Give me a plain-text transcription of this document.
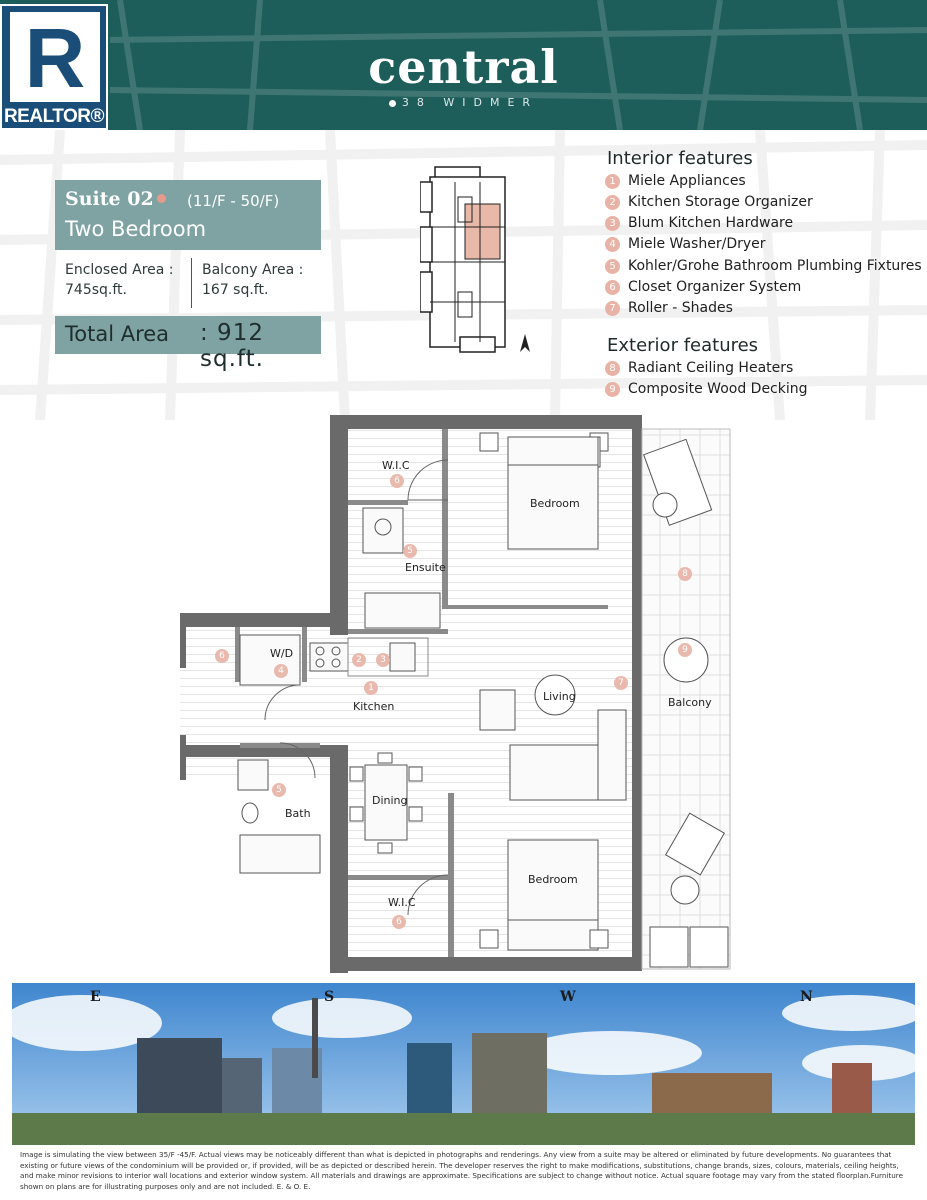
central
38 WIDMER
R
REALTOR®
Suite 02 (11/F - 50/F)
Two Bedroom
Enclosed Area :
745sq.ft.
Balcony Area :
167 sq.ft.
Total Area : 912 sq.ft.
Interior features
1 Miele Appliances
2 Kitchen Storage Organizer
3 Blum Kitchen Hardware
4 Miele Washer/Dryer
5 Kohler/Grohe Bathroom Plumbing Fixtures
6 Closet Organizer System
7 Roller - Shades
Exterior features
8 Radiant Ceiling Heaters
9 Composite Wood Decking
W.I.C
Bedroom
Ensuite
W/D
Kitchen
Living	Balcony
Bath
Dining
Bedroom
W.I.C
6
5
6
4
2	3
1	7
8
9
5
6
E	S	W	N
Image is simulating the view between 35/F -45/F. Actual views may be noticeably different than what is depicted in photographs and renderings. Any view from a suite may be altered or eliminated by future developments. No guarantees that existing or future views of the condominium will be provided or, if provided, will be as depicted or described herein. The developer reserves the right to make modifications, substitutions, change brands, sizes, colours, materials, ceiling heights, and make minor revisions to interior wall locations and exterior window system. All materials and drawings are approximate. Specifications are subject to change without notice. Actual square footage may vary from the stated floorplan.Furniture shown on plans are for illustrating purposes only and are not included. E. & O. E.
